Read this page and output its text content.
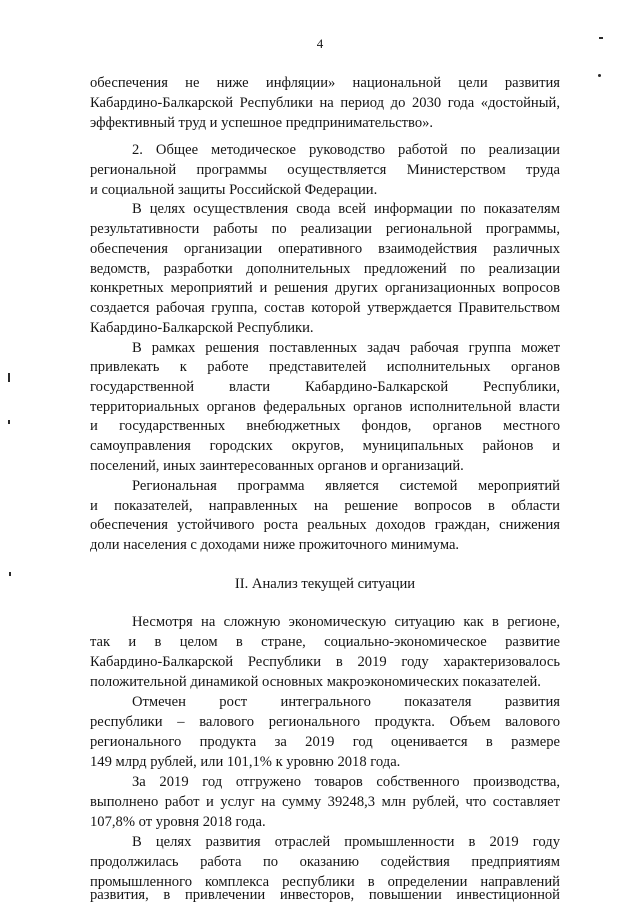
4
обеспечения не ниже инфляции» национальной цели развития
Кабардино-Балкарской Республики на период до 2030 года «достойный,
эффективный труд и успешное предпринимательство».
2. Общее методическое руководство работой по реализации
региональной программы осуществляется Министерством труда
и социальной защиты Российской Федерации.
В целях осуществления свода всей информации по показателям
результативности работы по реализации региональной программы,
обеспечения организации оперативного взаимодействия различных
ведомств, разработки дополнительных предложений по реализации
конкретных мероприятий и решения других организационных вопросов
создается рабочая группа, состав которой утверждается Правительством
Кабардино-Балкарской Республики.
В рамках решения поставленных задач рабочая группа может
привлекать к работе представителей исполнительных органов
государственной власти Кабардино-Балкарской Республики,
территориальных органов федеральных органов исполнительной власти
и государственных внебюджетных фондов, органов местного
самоуправления городских округов, муниципальных районов и
поселений, иных заинтересованных органов и организаций.
Региональная программа является системой мероприятий
и показателей, направленных на решение вопросов в области
обеспечения устойчивого роста реальных доходов граждан, снижения
доли населения с доходами ниже прожиточного минимума.
II. Анализ текущей ситуации
Несмотря на сложную экономическую ситуацию как в регионе,
так и в целом в стране, социально-экономическое развитие
Кабардино-Балкарской Республики в 2019 году характеризовалось
положительной динамикой основных макроэкономических показателей.
Отмечен рост интегрального показателя развития
республики – валового регионального продукта. Объем валового
регионального продукта за 2019 год оценивается в размере
149 млрд рублей, или 101,1% к уровню 2018 года.
За 2019 год отгружено товаров собственного производства,
выполнено работ и услуг на сумму 39248,3 млн рублей, что составляет
107,8% от уровня 2018 года.
В целях развития отраслей промышленности в 2019 году
продолжилась работа по оказанию содействия предприятиям
промышленного комплекса республики в определении направлений
развития, в привлечении инвесторов, повышении инвестиционной
